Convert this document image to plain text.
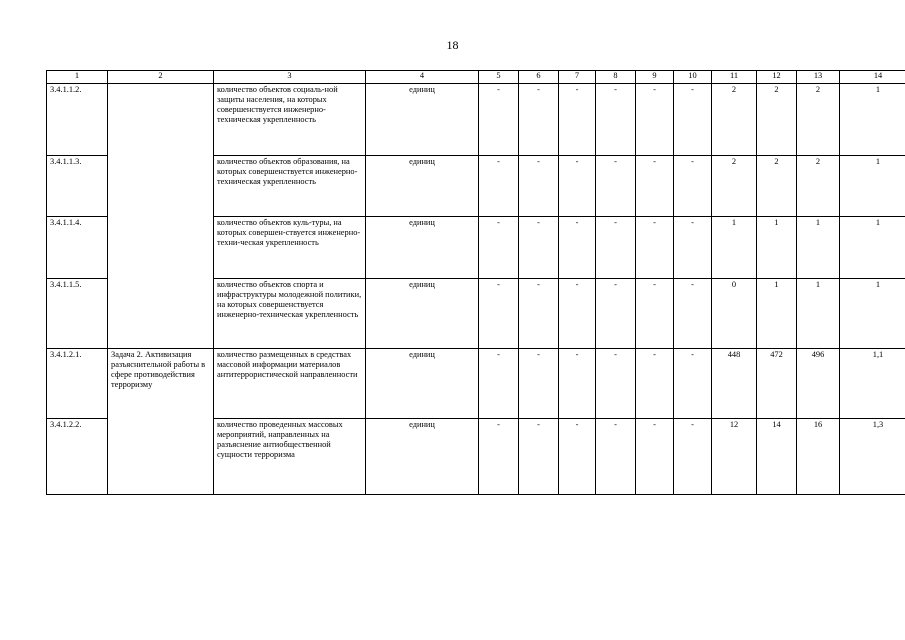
18
1	2	3	4	5	6	7	8	9	10	11	12	13	14
3.4.1.1.2.		количество объектов социаль-ной защиты населения, на которых совершенствуется инженерно-техническая укрепленность	единиц	-	-	-	-	-	-	2	2	2	1
3.4.1.1.3.		количество объектов образования, на которых совершенствуется инженерно-техническая укрепленность	единиц	-	-	-	-	-	-	2	2	2	1
3.4.1.1.4.		количество объектов куль-туры, на которых совершен-ствуется инженерно-техни-ческая укрепленность	единиц	-	-	-	-	-	-	1	1	1	1
3.4.1.1.5.		количество объектов спорта и инфраструктуры молодежной политики, на которых совершенствуется инженерно-техническая укрепленность	единиц	-	-	-	-	-	-	0	1	1	1
3.4.1.2.1.	Задача 2. Активизация разъяснительной работы в сфере противодействия терроризму	количество размещенных в средствах массовой информации материалов антитеррористической направленности	единиц	-	-	-	-	-	-	448	472	496	1,1
3.4.1.2.2.		количество проведенных массовых мероприятий, направленных на разъяснение антиобщественной сущности терроризма	единиц	-	-	-	-	-	-	12	14	16	1,3
